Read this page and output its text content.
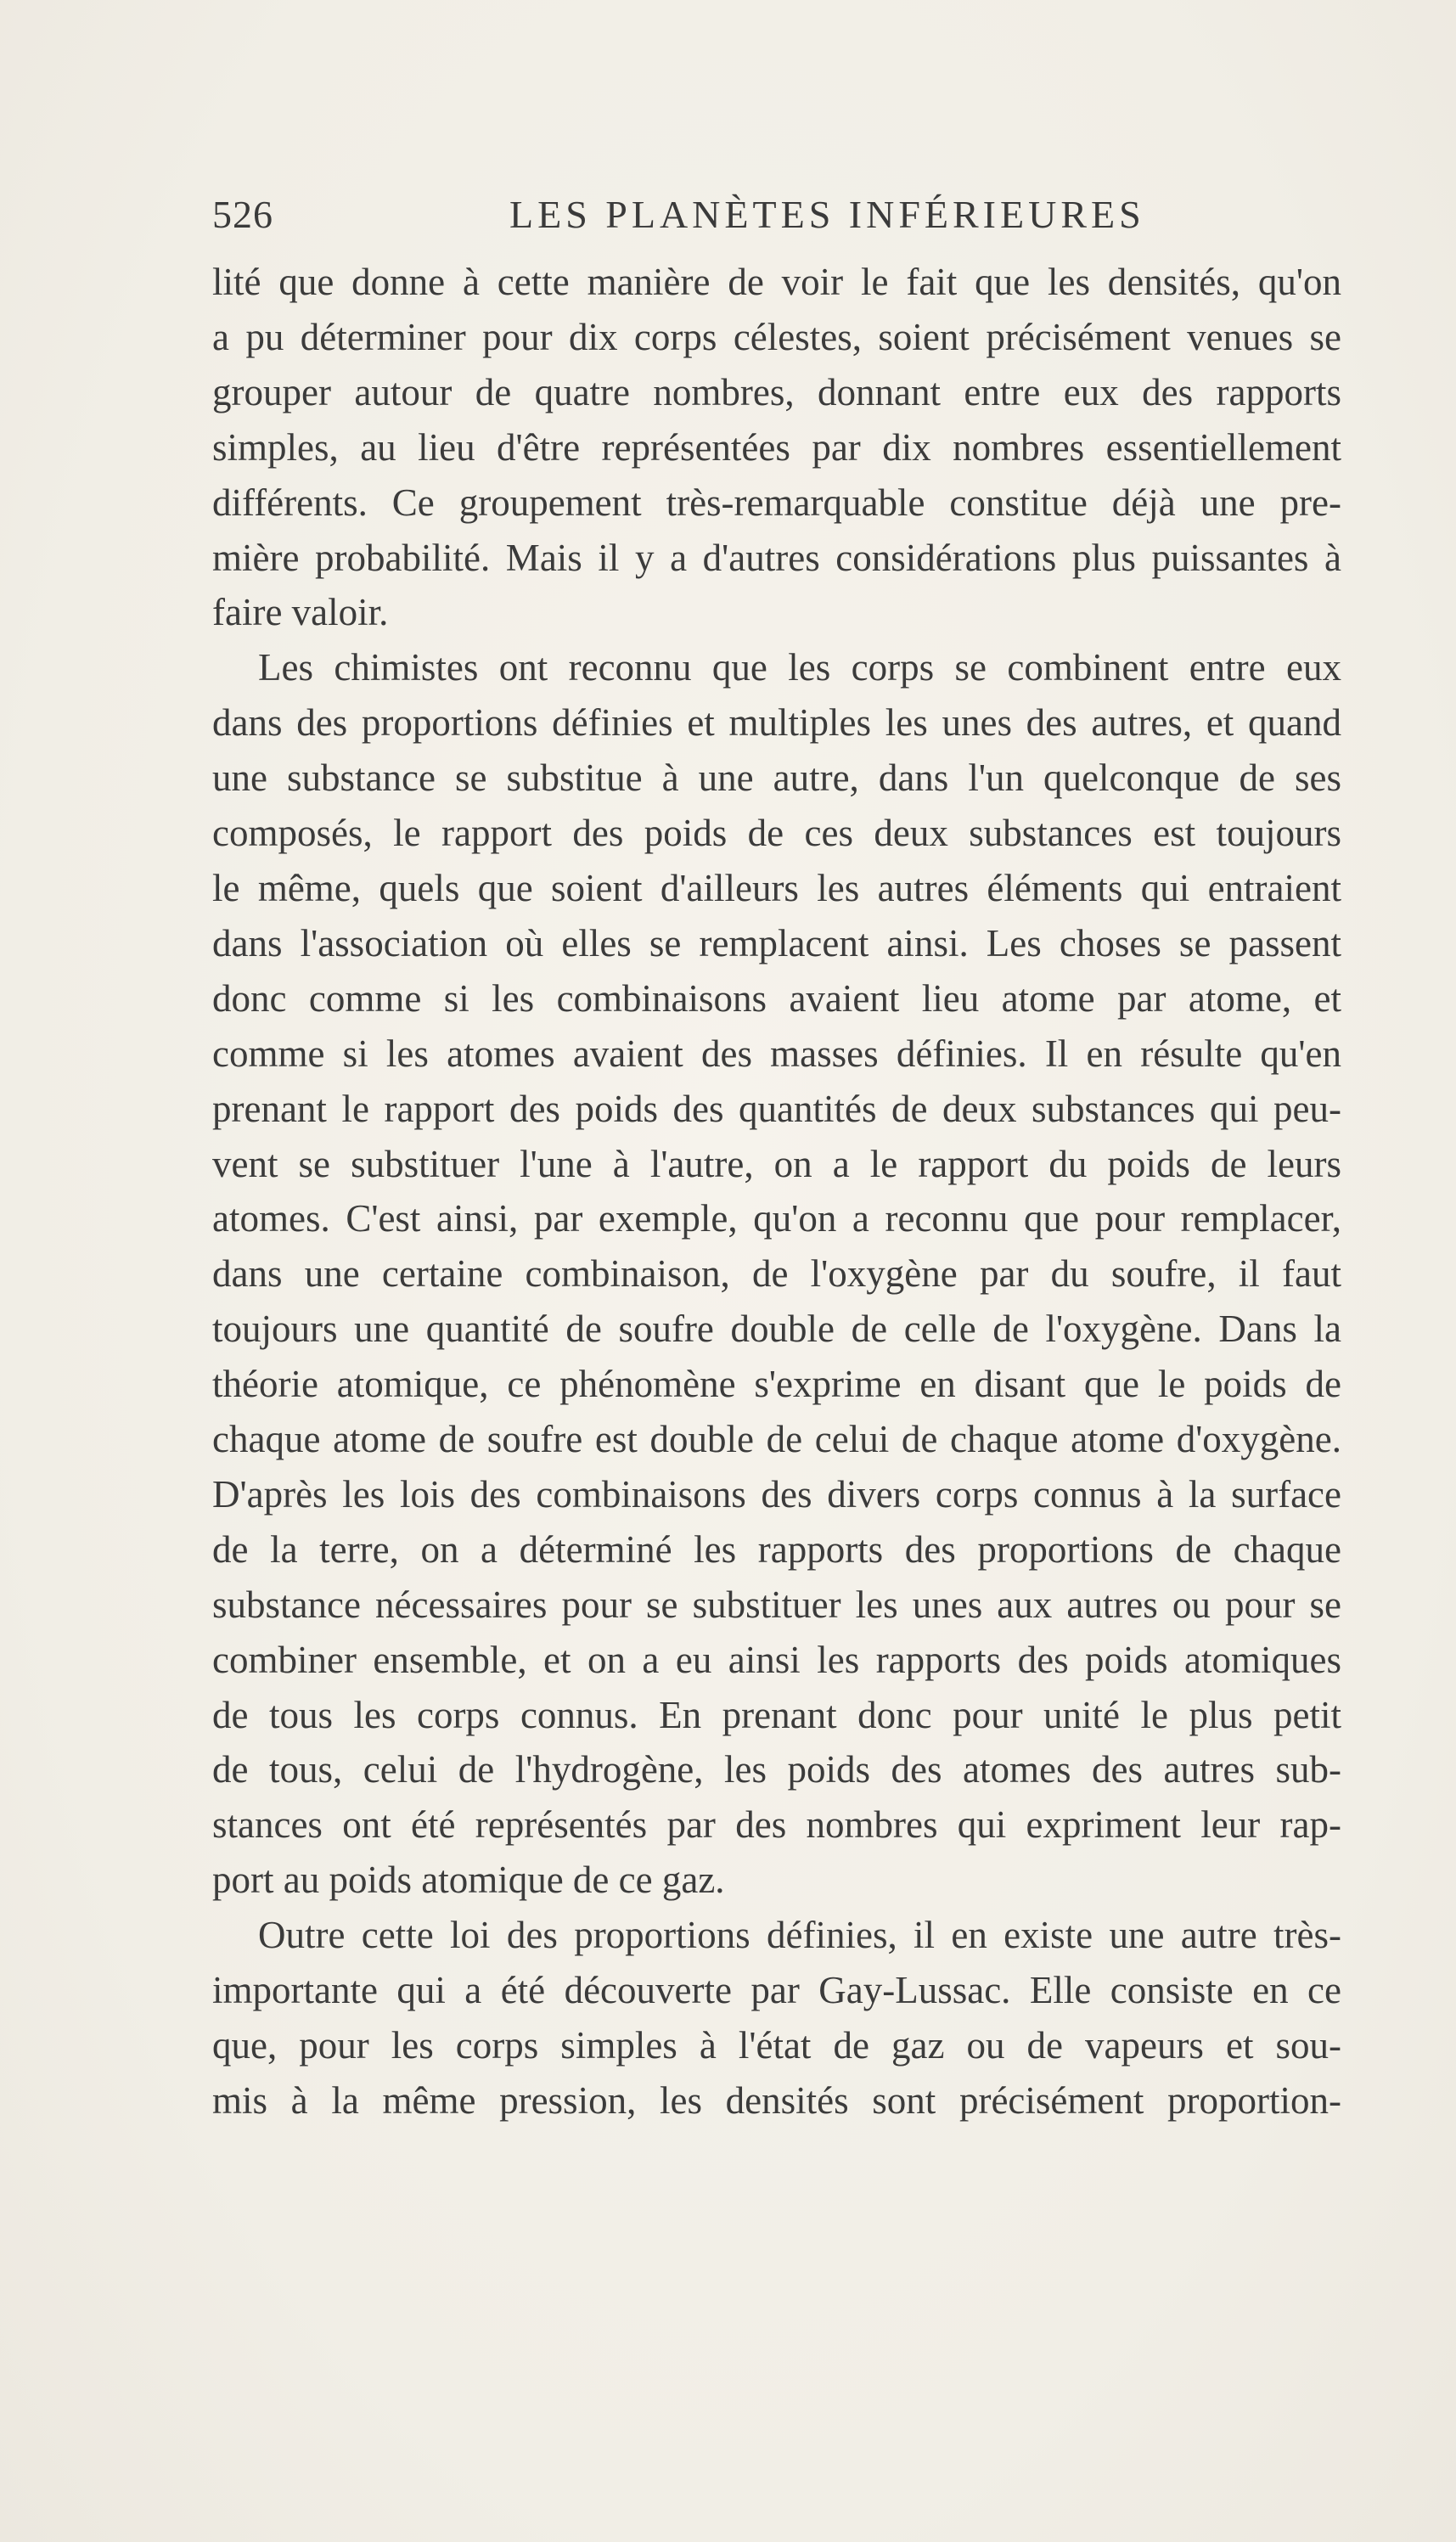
526	LES PLANÈTES INFÉRIEURES

lité que donne à cette manière de voir le fait que les densités, qu'on
a pu déterminer pour dix corps célestes, soient précisément venues se
grouper autour de quatre nombres, donnant entre eux des rapports
simples, au lieu d'être représentées par dix nombres essentiellement
différents. Ce groupement très-remarquable constitue déjà une pre-
mière probabilité. Mais il y a d'autres considérations plus puissantes à
faire valoir.

Les chimistes ont reconnu que les corps se combinent entre eux
dans des proportions définies et multiples les unes des autres, et quand
une substance se substitue à une autre, dans l'un quelconque de ses
composés, le rapport des poids de ces deux substances est toujours
le même, quels que soient d'ailleurs les autres éléments qui entraient
dans l'association où elles se remplacent ainsi. Les choses se passent
donc comme si les combinaisons avaient lieu atome par atome, et
comme si les atomes avaient des masses définies. Il en résulte qu'en
prenant le rapport des poids des quantités de deux substances qui peu-
vent se substituer l'une à l'autre, on a le rapport du poids de leurs
atomes. C'est ainsi, par exemple, qu'on a reconnu que pour remplacer,
dans une certaine combinaison, de l'oxygène par du soufre, il faut
toujours une quantité de soufre double de celle de l'oxygène. Dans la
théorie atomique, ce phénomène s'exprime en disant que le poids de
chaque atome de soufre est double de celui de chaque atome d'oxygène.
D'après les lois des combinaisons des divers corps connus à la surface
de la terre, on a déterminé les rapports des proportions de chaque
substance nécessaires pour se substituer les unes aux autres ou pour se
combiner ensemble, et on a eu ainsi les rapports des poids atomiques
de tous les corps connus. En prenant donc pour unité le plus petit
de tous, celui de l'hydrogène, les poids des atomes des autres sub-
stances ont été représentés par des nombres qui expriment leur rap-
port au poids atomique de ce gaz.

Outre cette loi des proportions définies, il en existe une autre très-
importante qui a été découverte par Gay-Lussac. Elle consiste en ce
que, pour les corps simples à l'état de gaz ou de vapeurs et sou-
mis à la même pression, les densités sont précisément proportion-
